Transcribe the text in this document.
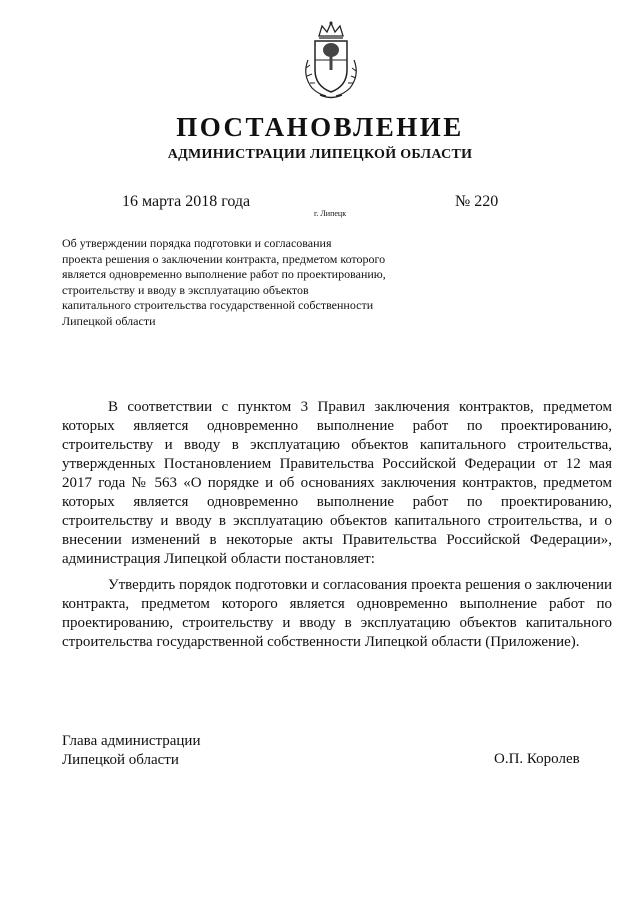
ПОСТАНОВЛЕНИЕ
АДМИНИСТРАЦИИ ЛИПЕЦКОЙ ОБЛАСТИ
16 марта 2018 года
г. Липецк
№ 220
Об утверждении порядка подготовки и согласования
проекта решения о заключении контракта, предметом которого
является одновременно выполнение работ по проектированию,
строительству и вводу в эксплуатацию объектов
капитального строительства государственной собственности
Липецкой области

В соответствии с пунктом 3 Правил заключения контрактов, предметом которых является одновременно выполнение работ по проектированию, строительству и вводу в эксплуатацию объектов капитального строительства, утвержденных Постановлением Правительства Российской Федерации от 12 мая 2017 года № 563 «О порядке и об основаниях заключения контрактов, предметом которых является одновременно выполнение работ по проектированию, строительству и вводу в эксплуатацию объектов капитального строительства, и о внесении изменений в некоторые акты Правительства Российской Федерации», администрация Липецкой области постановляет:

Утвердить порядок подготовки и согласования проекта решения о заключении контракта, предметом которого является одновременно выполнение работ по проектированию, строительству и вводу в эксплуатацию объектов капитального строительства государственной собственности Липецкой области (Приложение).

Глава администрации
Липецкой области	О.П. Королев
